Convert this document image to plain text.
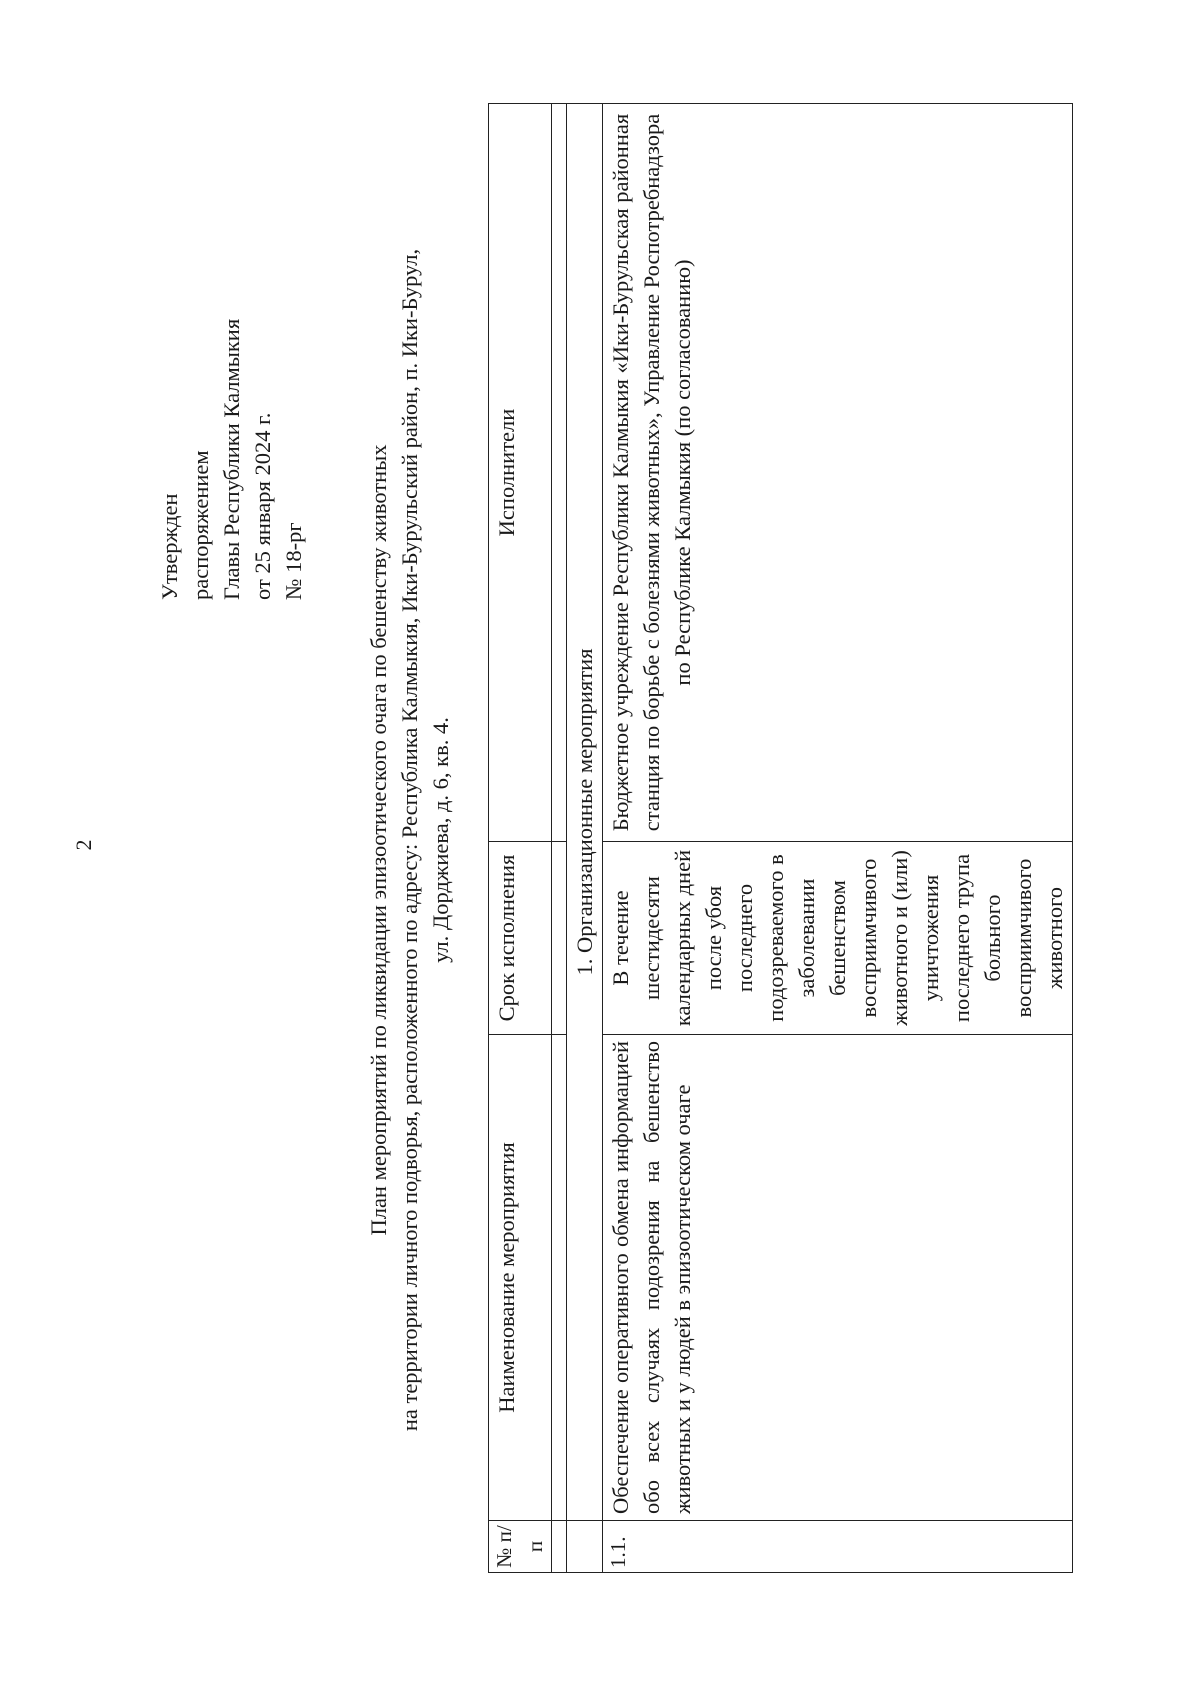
2
Утвержден распоряжением Главы Республики Калмыкия от 25 января 2024 г. № 18-рг	План мероприятий по ликвидации эпизоотического очага по бешенству животных на территории личного подворья, расположенного по адресу: Республика Калмыкия, Ики-Бурульский район, п. Ики-Бурул, ул. Дорджиева, д. 6, кв. 4.
№ п/п	Наименование мероприятия	Срок исполнения	Исполнители

	1. Организационные мероприятия		
1.1.	Обеспечение оперативного обмена информацией обо всех случаях подозрения на бешенство животных и у людей в эпизоотическом очаге	В течение шестидесяти календарных дней после убоя последнего подозреваемого в заболевании бешенством восприимчивого животного и (или) уничтожения последнего трупа больного восприимчивого животного	Бюджетное учреждение Республики Калмыкия «Ики-Бурульская районная станция по борьбе с болезнями животных», Управление Роспотребнадзора по Республике Калмыкия (по согласованию)
